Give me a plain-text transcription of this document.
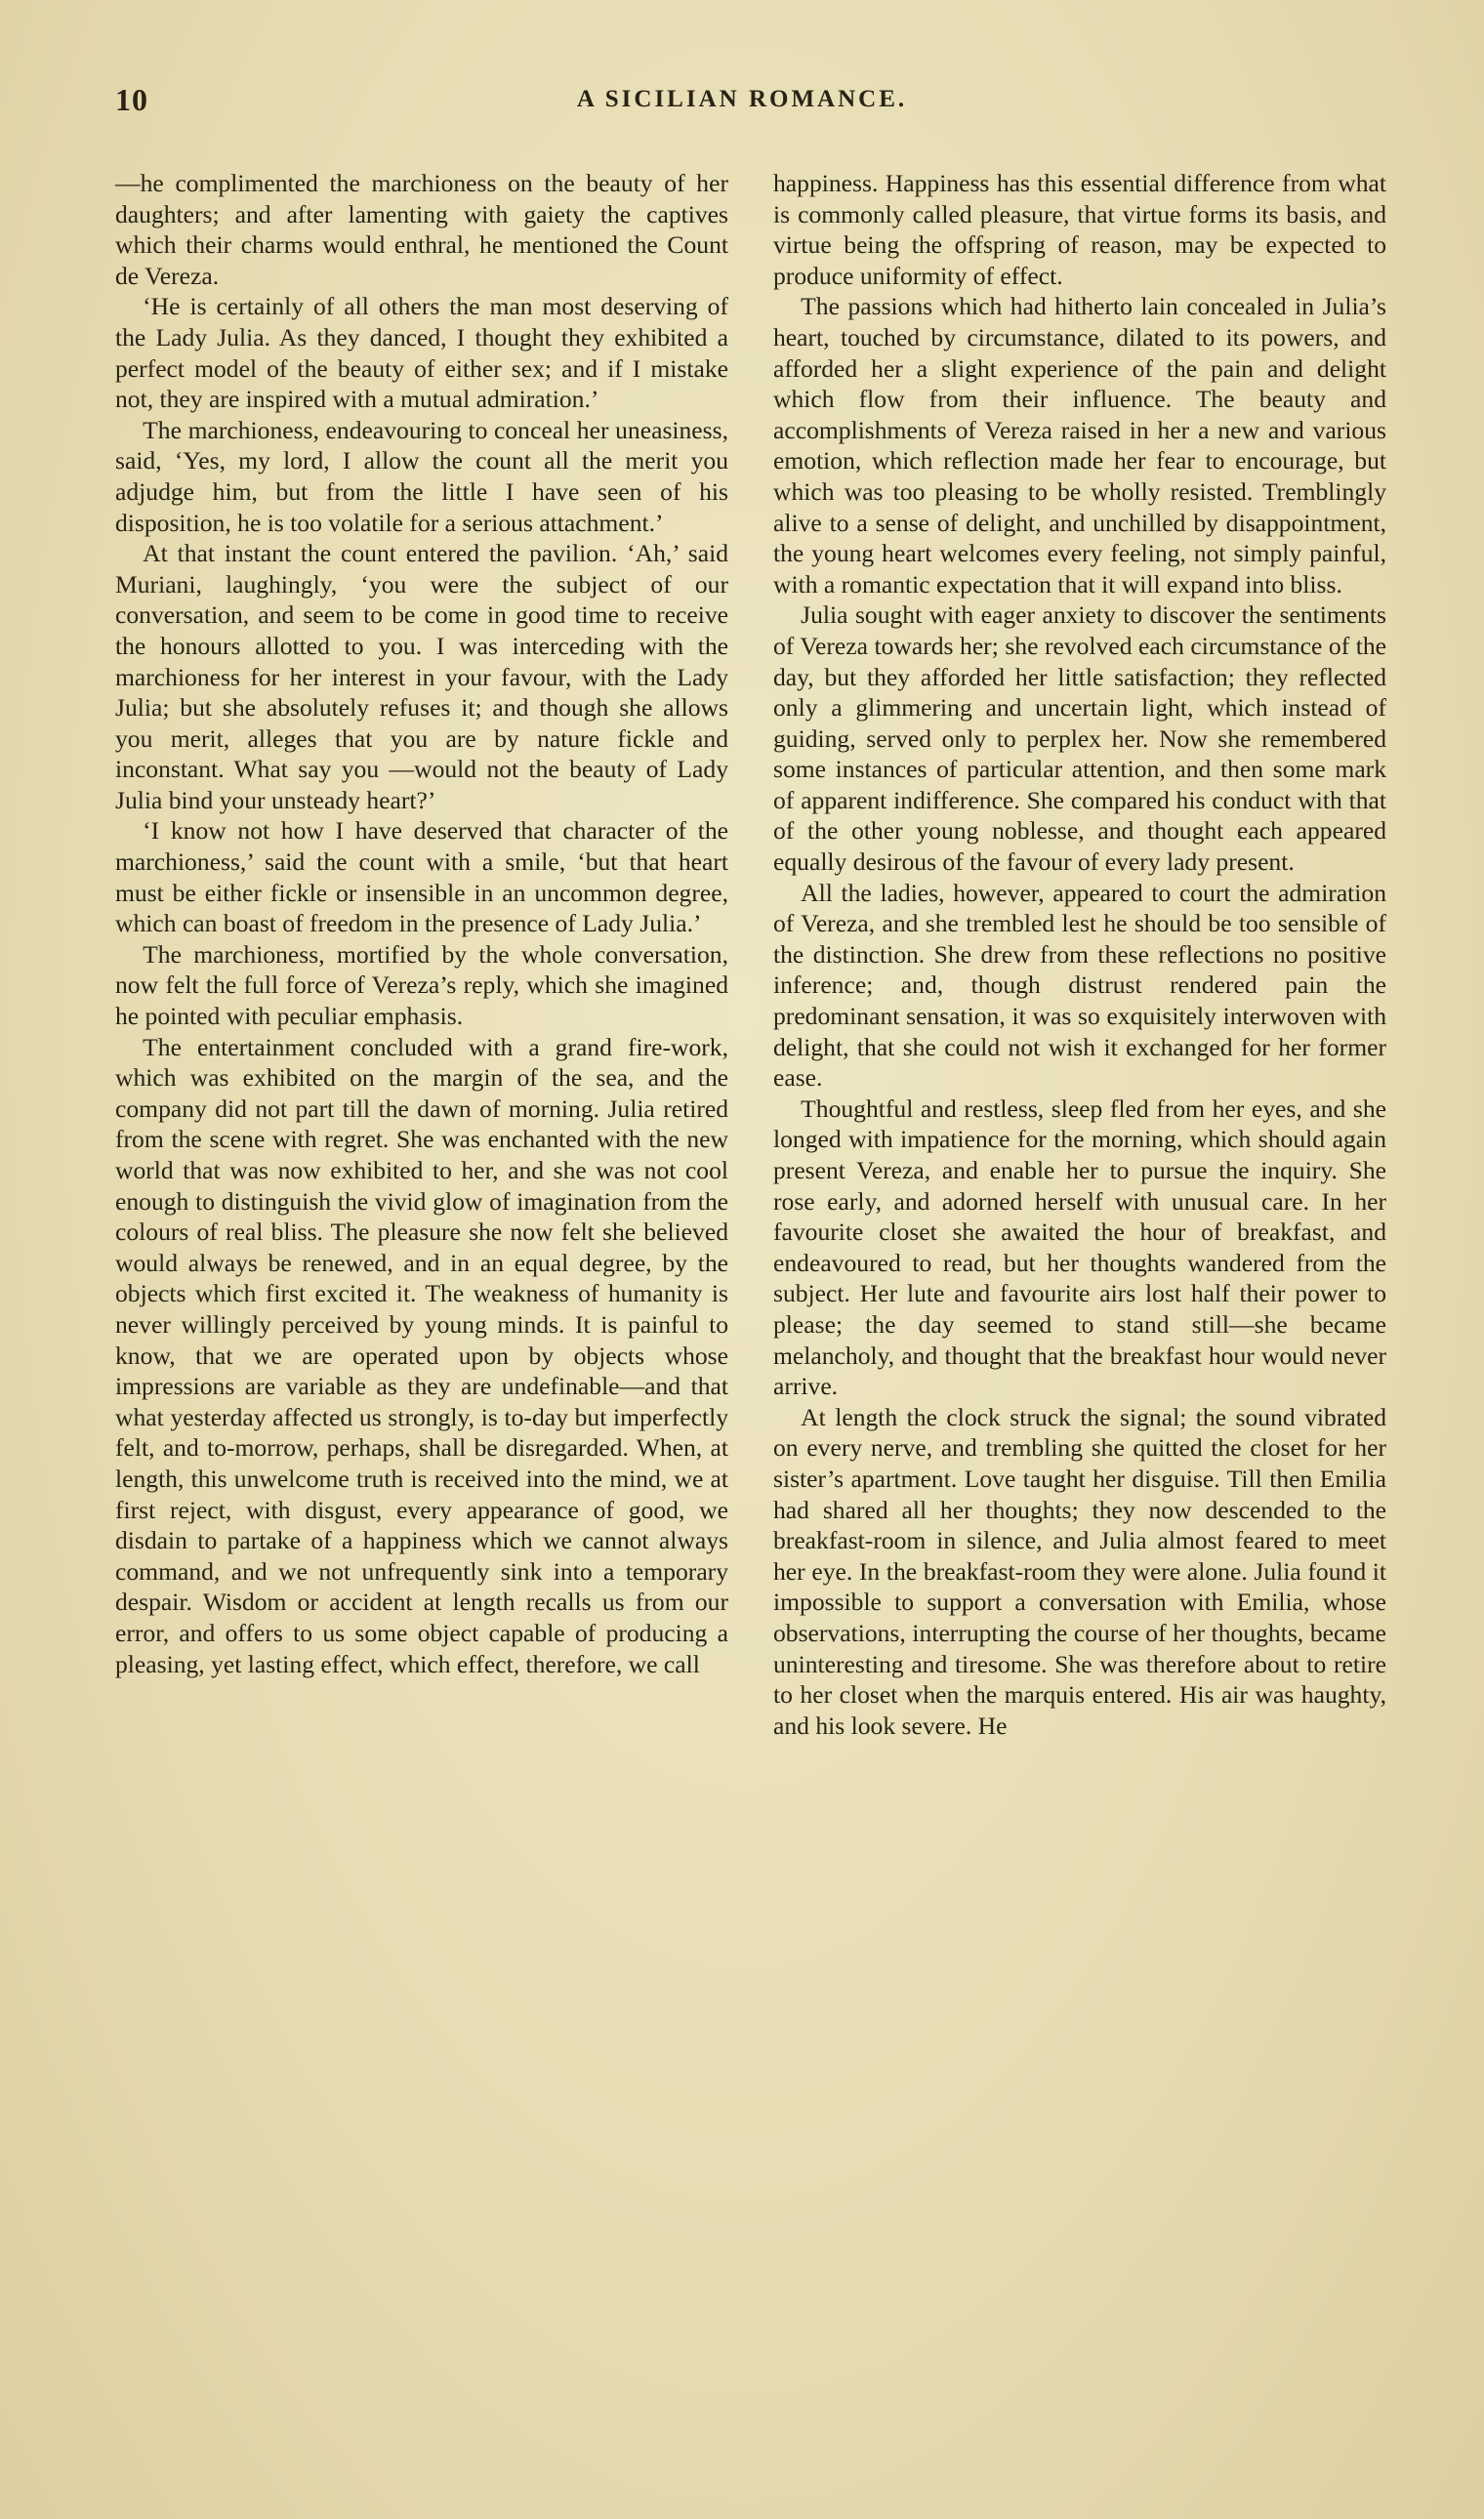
10	A SICILIAN ROMANCE.

—he complimented the marchioness on the beauty of her daughters; and after lamenting with gaiety the captives which their charms would enthral, he mentioned the Count de Vereza.

‘He is certainly of all others the man most deserving of the Lady Julia. As they danced, I thought they exhibited a perfect model of the beauty of either sex; and if I mistake not, they are inspired with a mutual admiration.’

The marchioness, endeavouring to conceal her uneasiness, said, ‘Yes, my lord, I allow the count all the merit you adjudge him, but from the little I have seen of his disposition, he is too volatile for a serious attachment.’

At that instant the count entered the pavilion. ‘Ah,’ said Muriani, laughingly, ‘you were the subject of our conversation, and seem to be come in good time to receive the honours allotted to you. I was interceding with the marchioness for her interest in your favour, with the Lady Julia; but she absolutely refuses it; and though she allows you merit, alleges that you are by nature fickle and inconstant. What say you —would not the beauty of Lady Julia bind your unsteady heart?’

‘I know not how I have deserved that character of the marchioness,’ said the count with a smile, ‘but that heart must be either fickle or insensible in an uncommon degree, which can boast of freedom in the presence of Lady Julia.’

The marchioness, mortified by the whole conversation, now felt the full force of Vereza’s reply, which she imagined he pointed with peculiar emphasis.

The entertainment concluded with a grand fire-work, which was exhibited on the margin of the sea, and the company did not part till the dawn of morning. Julia retired from the scene with regret. She was enchanted with the new world that was now exhibited to her, and she was not cool enough to distinguish the vivid glow of imagination from the colours of real bliss. The pleasure she now felt she believed would always be renewed, and in an equal degree, by the objects which first excited it. The weakness of humanity is never willingly perceived by young minds. It is painful to know, that we are operated upon by objects whose impressions are variable as they are undefinable—and that what yesterday affected us strongly, is to-day but imperfectly felt, and to-morrow, perhaps, shall be disregarded. When, at length, this unwelcome truth is received into the mind, we at first reject, with disgust, every appearance of good, we disdain to partake of a happiness which we cannot always command, and we not unfrequently sink into a temporary despair. Wisdom or accident at length recalls us from our error, and offers to us some object capable of producing a pleasing, yet lasting effect, which effect, therefore, we call

happiness. Happiness has this essential difference from what is commonly called pleasure, that virtue forms its basis, and virtue being the offspring of reason, may be expected to produce uniformity of effect.

The passions which had hitherto lain concealed in Julia’s heart, touched by circumstance, dilated to its powers, and afforded her a slight experience of the pain and delight which flow from their influence. The beauty and accomplishments of Vereza raised in her a new and various emotion, which reflection made her fear to encourage, but which was too pleasing to be wholly resisted. Tremblingly alive to a sense of delight, and unchilled by disappointment, the young heart welcomes every feeling, not simply painful, with a romantic expectation that it will expand into bliss.

Julia sought with eager anxiety to discover the sentiments of Vereza towards her; she revolved each circumstance of the day, but they afforded her little satisfaction; they reflected only a glimmering and uncertain light, which instead of guiding, served only to perplex her. Now she remembered some instances of particular attention, and then some mark of apparent indifference. She compared his conduct with that of the other young noblesse, and thought each appeared equally desirous of the favour of every lady present.

All the ladies, however, appeared to court the admiration of Vereza, and she trembled lest he should be too sensible of the distinction. She drew from these reflections no positive inference; and, though distrust rendered pain the predominant sensation, it was so exquisitely interwoven with delight, that she could not wish it exchanged for her former ease.

Thoughtful and restless, sleep fled from her eyes, and she longed with impatience for the morning, which should again present Vereza, and enable her to pursue the inquiry. She rose early, and adorned herself with unusual care. In her favourite closet she awaited the hour of breakfast, and endeavoured to read, but her thoughts wandered from the subject. Her lute and favourite airs lost half their power to please; the day seemed to stand still—she became melancholy, and thought that the breakfast hour would never arrive.

At length the clock struck the signal; the sound vibrated on every nerve, and trembling she quitted the closet for her sister’s apartment. Love taught her disguise. Till then Emilia had shared all her thoughts; they now descended to the breakfast-room in silence, and Julia almost feared to meet her eye. In the breakfast-room they were alone. Julia found it impossible to support a conversation with Emilia, whose observations, interrupting the course of her thoughts, became uninteresting and tiresome. She was therefore about to retire to her closet when the marquis entered. His air was haughty, and his look severe. He
